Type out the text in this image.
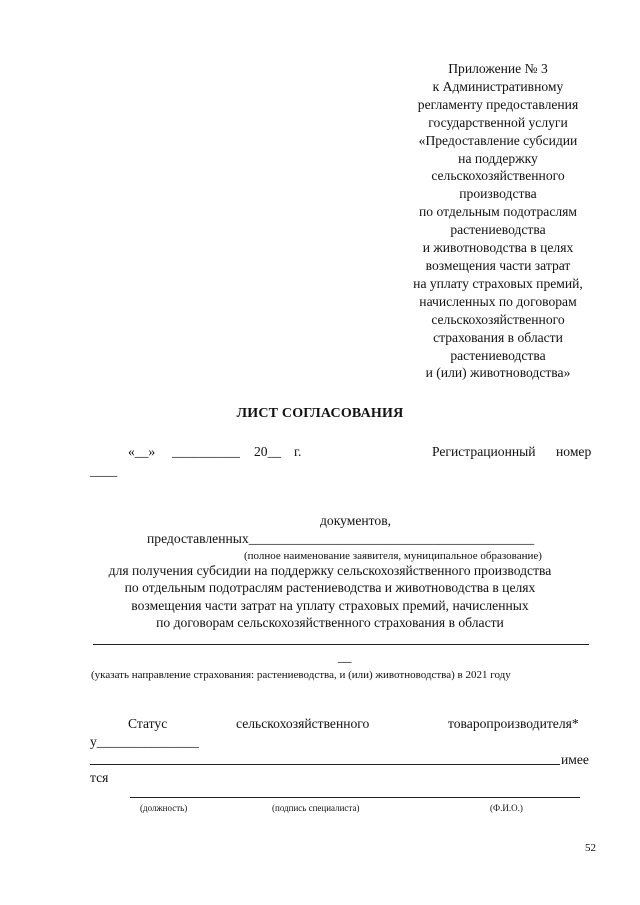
Приложение № 3
к Административному
регламенту предоставления
государственной услуги
«Предоставление субсидии
на поддержку
сельскохозяйственного
производства
по отдельным подотраслям
растениеводства
и животноводства в целях
возмещения части затрат
на уплату страховых премий,
начисленных по договорам
сельскохозяйственного
страхования в области
растениеводства
и (или) животноводства»
ЛИСТ СОГЛАСОВАНИЯ
«__» __________ 20__ г.	Регистрационный номер
____
документов,
предоставленных__________________________________________
(полное наименование заявителя, муниципальное образование)
для получения субсидии на поддержку сельскохозяйственного производства
по отдельным подотраслям растениеводства и животноводства в целях
возмещения части затрат на уплату страховых премий, начисленных
по договорам сельскохозяйственного страхования в области
__
(указать направление страхования: растениеводства, и (или) животноводства) в 2021 году
Статус	сельскохозяйственного	товаропроизводителя*
у_______________
имее
тся
(должность)	(подпись специалиста)	(Ф.И.О.)
52
